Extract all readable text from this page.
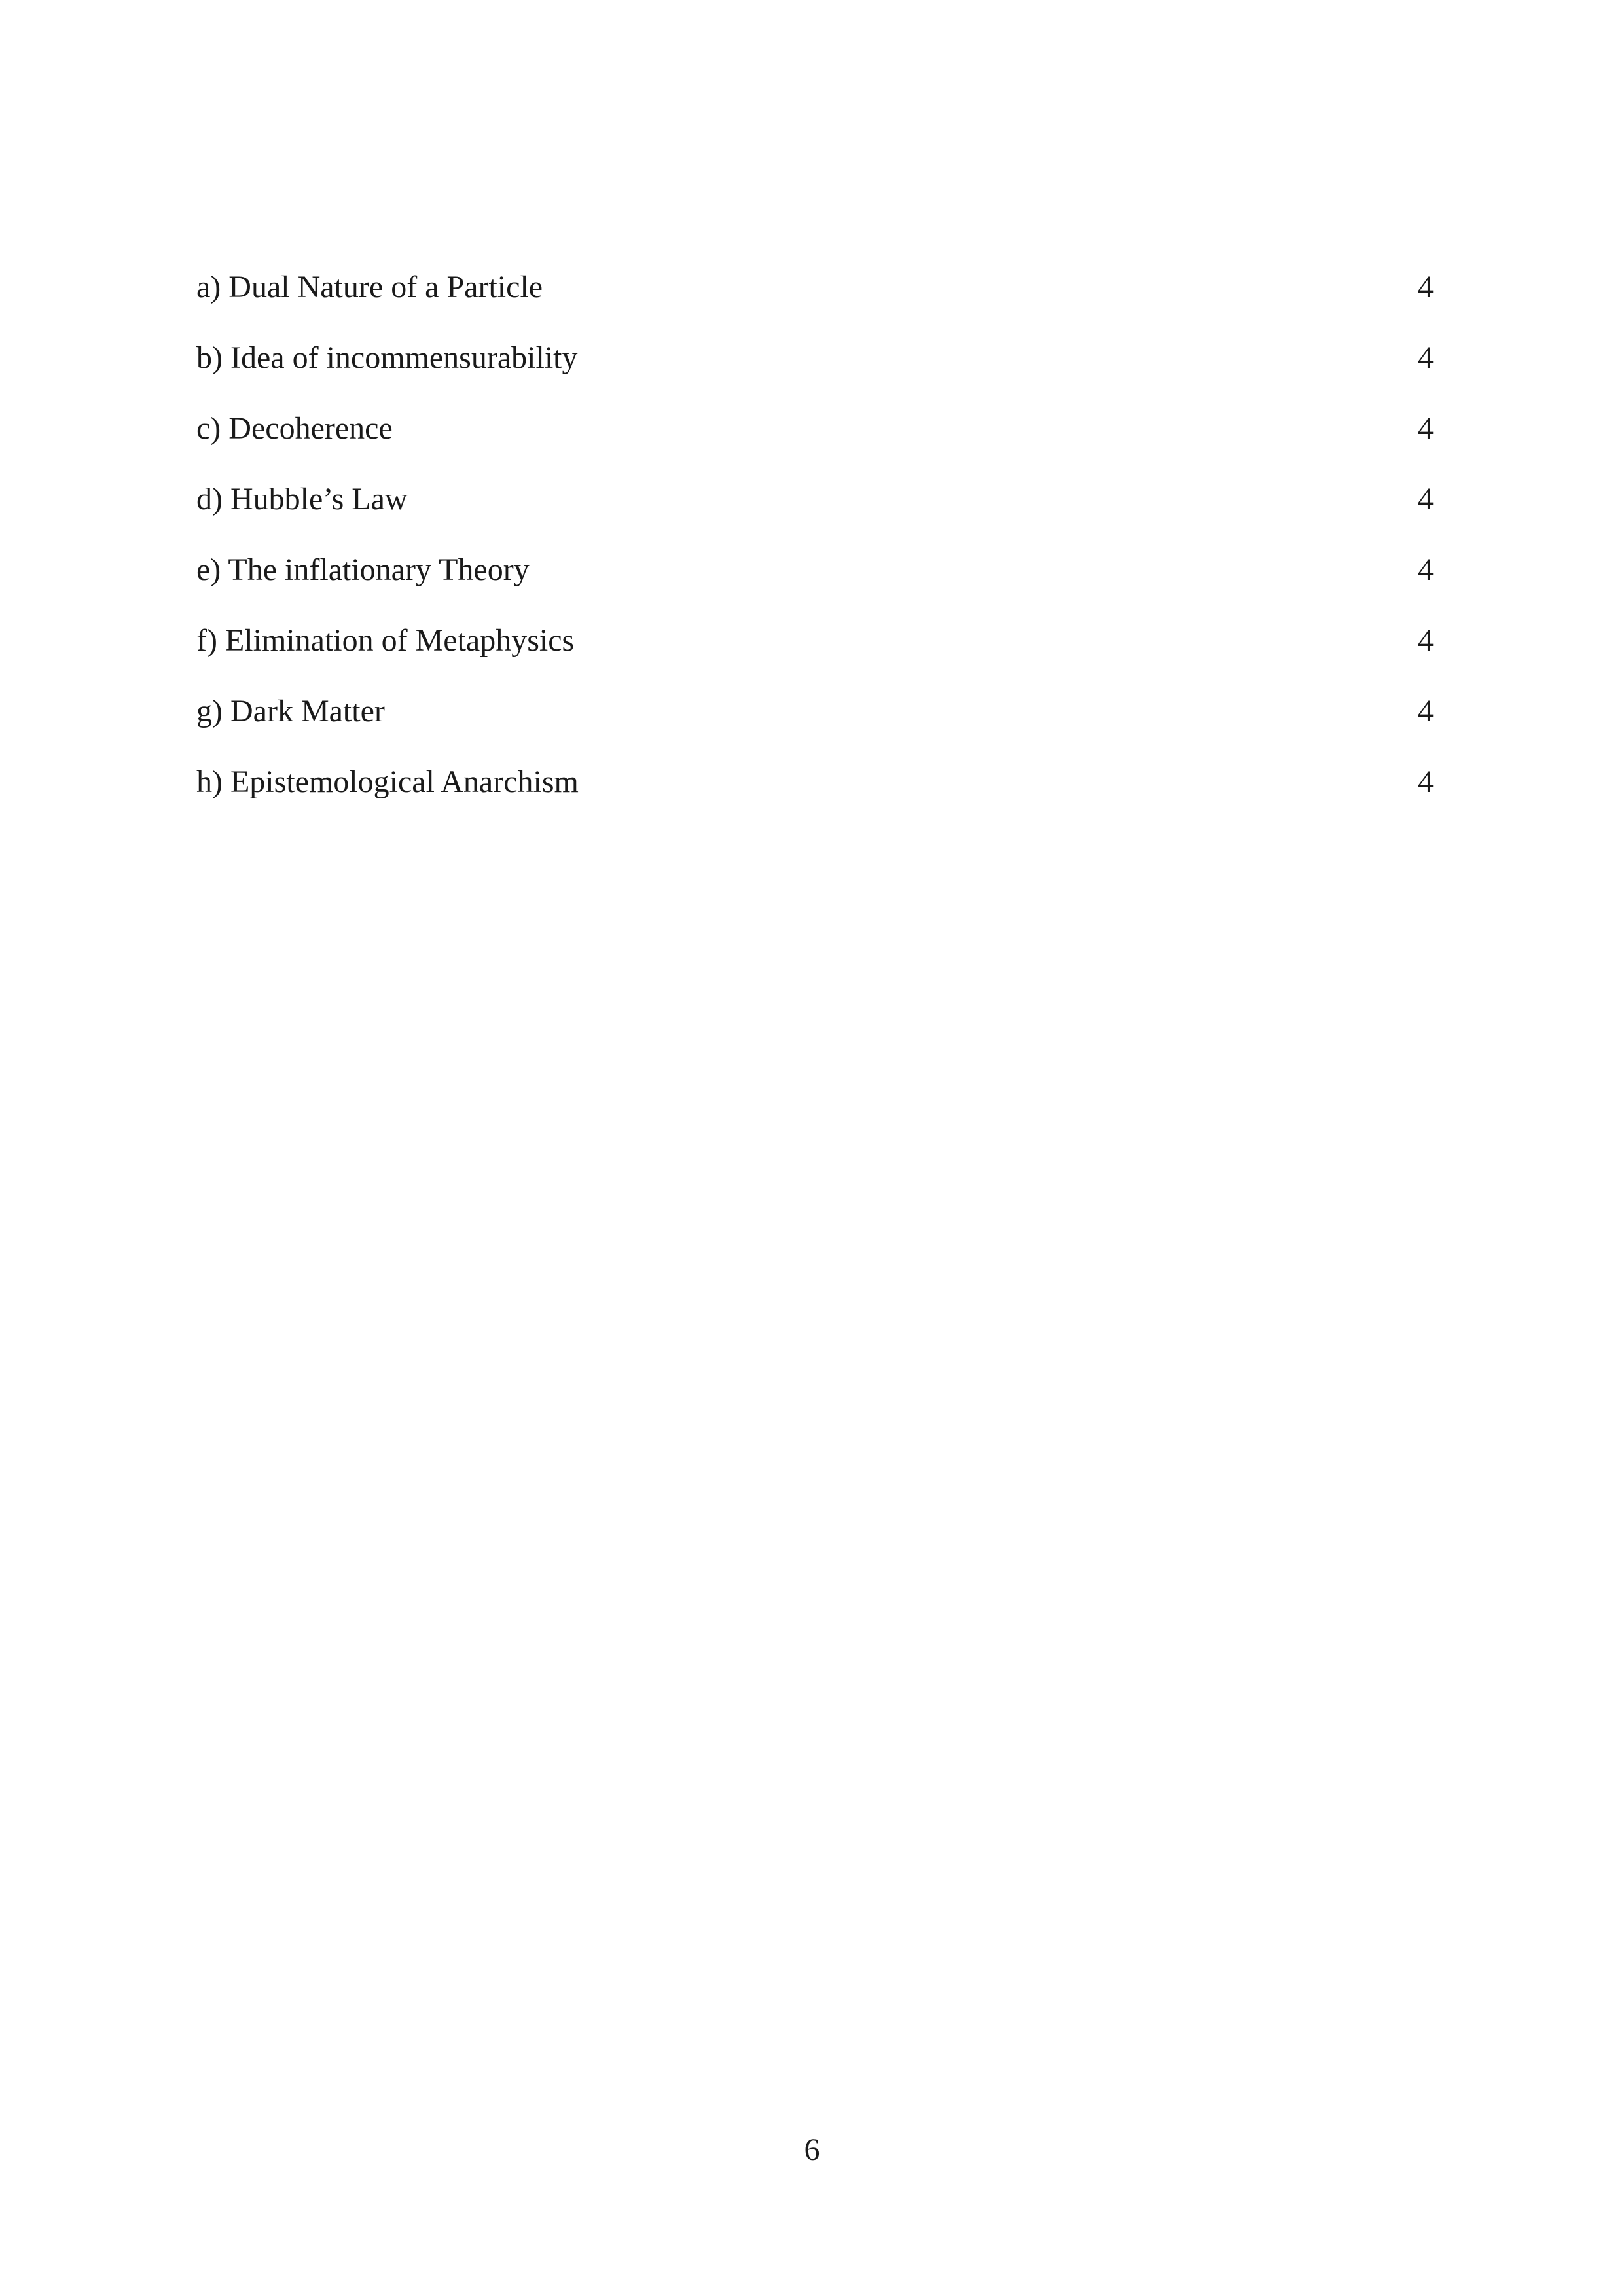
a) Dual Nature of a Particle	4
b) Idea of incommensurability	4
c) Decoherence	4
d) Hubble’s Law	4
e) The inflationary Theory	4
f) Elimination of Metaphysics	4
g) Dark Matter	4
h) Epistemological Anarchism	4
6
